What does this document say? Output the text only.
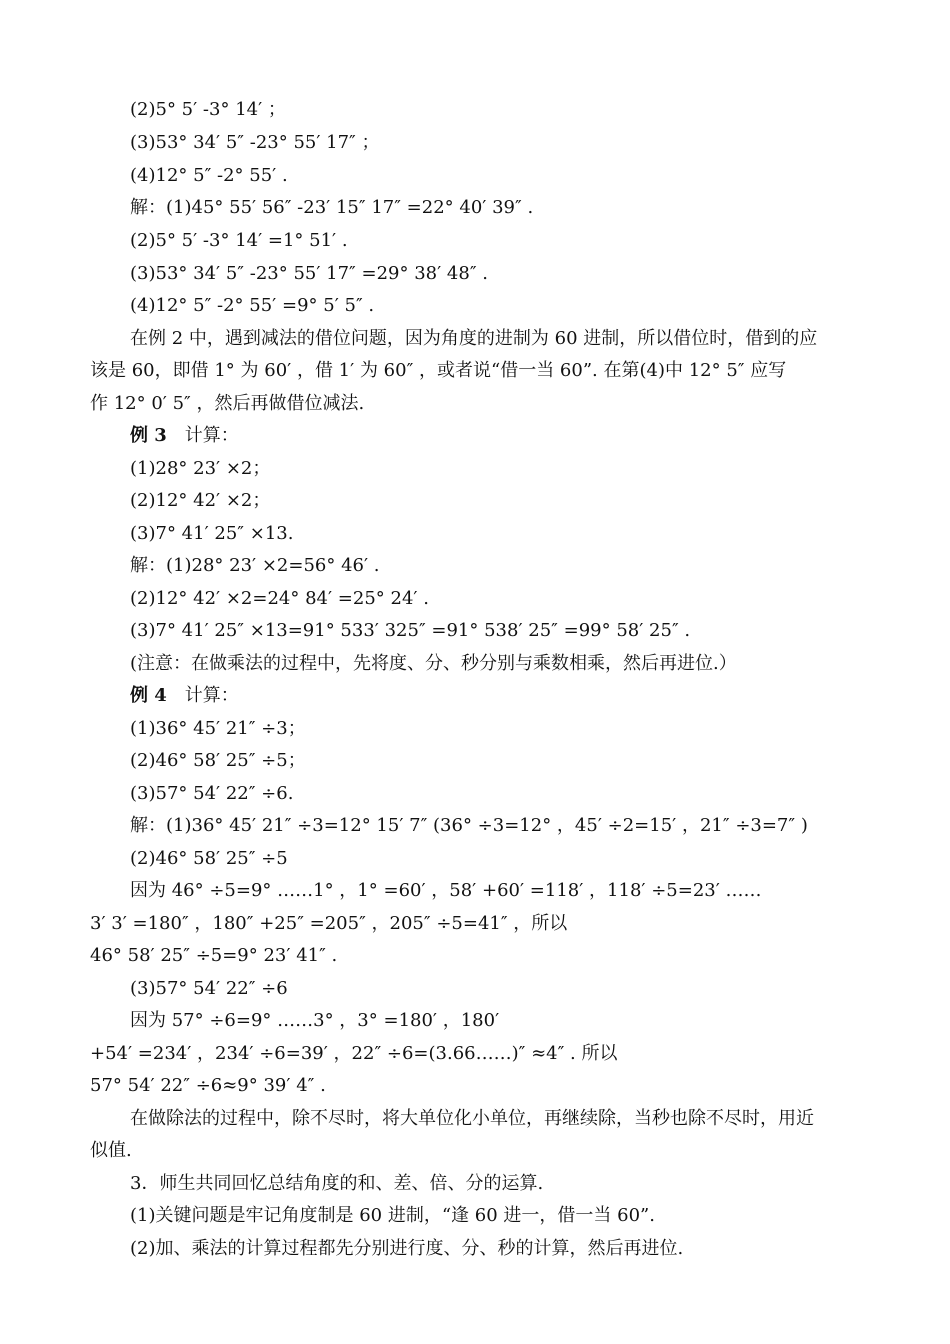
(2)5° 5′ -3° 14′ ；
(3)53° 34′ 5″ -23° 55′ 17″ ；
(4)12° 5″ -2° 55′ .
解：(1)45° 55′ 56″ -23′ 15″ 17″ =22° 40′ 39″ .
(2)5° 5′ -3° 14′ =1° 51′ .
(3)53° 34′ 5″ -23° 55′ 17″ =29° 38′ 48″ .
(4)12° 5″ -2° 55′ =9° 5′ 5″ .
在例 2 中，遇到减法的借位问题，因为角度的进制为 60 进制，所以借位时，借到的应
该是 60，即借 1° 为 60′ ，借 1′ 为 60″ ，或者说“借一当 60”. 在第(4)中 12° 5″ 应写
作 12° 0′ 5″ ，然后再做借位减法.
例 3 计算：
(1)28° 23′ ×2；
(2)12° 42′ ×2；
(3)7° 41′ 25″ ×13.
解：(1)28° 23′ ×2=56° 46′ .
(2)12° 42′ ×2=24° 84′ =25° 24′ .
(3)7° 41′ 25″ ×13=91° 533′ 325″ =91° 538′ 25″ =99° 58′ 25″ .
(注意：在做乘法的过程中，先将度、分、秒分别与乘数相乘，然后再进位.）
例 4 计算：
(1)36° 45′ 21″ ÷3；
(2)46° 58′ 25″ ÷5；
(3)57° 54′ 22″ ÷6.
解：(1)36° 45′ 21″ ÷3=12° 15′ 7″ (36° ÷3=12° ，45′ ÷2=15′ ，21″ ÷3=7″ )
(2)46° 58′ 25″ ÷5
因为 46° ÷5=9° ……1° ，1° =60′ ，58′ +60′ =118′ ，118′ ÷5=23′ ……
3′ 3′ =180″ ，180″ +25″ =205″ ，205″ ÷5=41″ ，所以
46° 58′ 25″ ÷5=9° 23′ 41″ .
(3)57° 54′ 22″ ÷6
因为 57° ÷6=9° ……3° ，3° =180′ ，180′
+54′ =234′ ，234′ ÷6=39′ ，22″ ÷6=(3.66……)″ ≈4″ . 所以
57° 54′ 22″ ÷6≈9° 39′ 4″ .
在做除法的过程中，除不尽时，将大单位化小单位，再继续除，当秒也除不尽时，用近
似值.
3．师生共同回忆总结角度的和、差、倍、分的运算.
(1)关键问题是牢记角度制是 60 进制，“逢 60 进一，借一当 60”.
(2)加、乘法的计算过程都先分别进行度、分、秒的计算，然后再进位.
